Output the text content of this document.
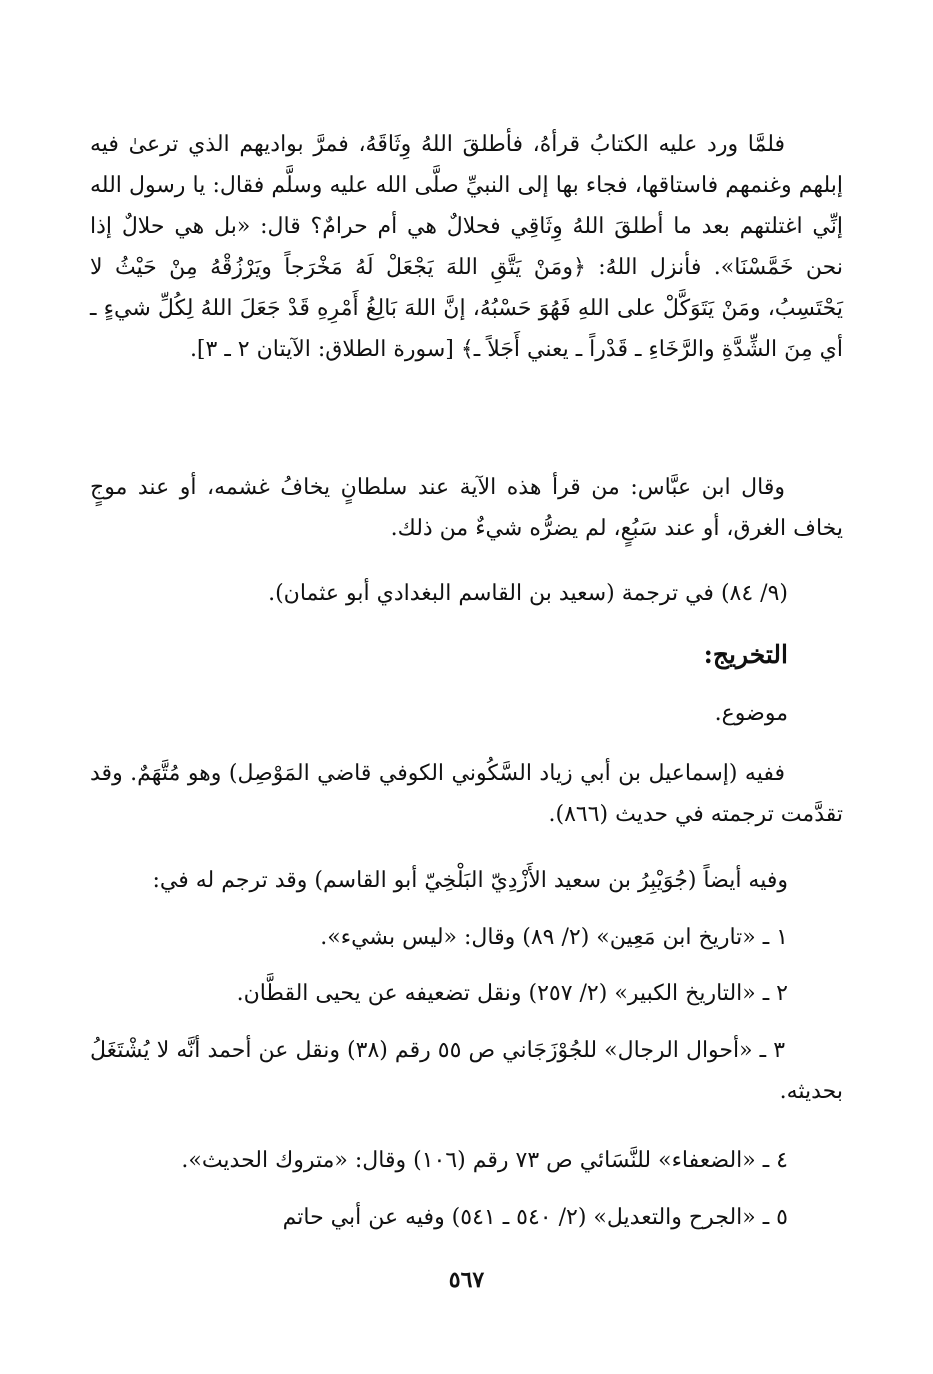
فلمَّا ورد عليه الكتابُ قرأهُ، فأطلقَ اللهُ وِثَاقَهُ، فمرَّ بواديهم الذي ترعىٰ فيه إبلهم وغنمهم فاستاقها، فجاء بها إلى النبيِّ صلَّى الله عليه وسلَّم فقال: يا رسول الله إنِّي اغتلتهم بعد ما أطلقَ اللهُ وِثَاقِي فحلالٌ هي أم حرامٌ؟ قال: «بل هي حلالٌ إذا نحن خَمَّسْنَا». فأنزل اللهُ: ﴿ومَنْ يَتَّقِ اللهَ يَجْعَلْ لَهُ مَخْرَجاً ويَرْزُقْهُ مِنْ حَيْثُ لا يَحْتَسِبُ، ومَنْ يَتَوَكَّلْ على اللهِ فَهُوَ حَسْبُهُ، إنَّ اللهَ بَالِغُ أَمْرِهِ قَدْ جَعَلَ اللهُ لِكُلِّ شيءٍ ـ أي مِنَ الشِّدَّةِ والرَّخَاءِ ـ قَدْراً ـ يعني أَجَلاً ـ﴾ [سورة الطلاق: الآيتان ٢ ـ ٣].

وقال ابن عبَّاس: من قرأ هذه الآية عند سلطانٍ يخافُ غشمه، أو عند موجٍ يخاف الغرق، أو عند سَبُعٍ، لم يضرُّه شيءٌ من ذلك.

(٩/ ٨٤) في ترجمة (سعيد بن القاسم البغدادي أبو عثمان).

التخريج:

موضوع.

ففيه (إسماعيل بن أبي زياد السَّكُوني الكوفي قاضي المَوْصِل) وهو مُتَّهَمٌ. وقد تقدَّمت ترجمته في حديث (٨٦٦).

وفيه أيضاً (جُوَيْبِرُ بن سعيد الأَزْدِيّ البَلْخِيّ أبو القاسم) وقد ترجم له في:

١ ـ «تاريخ ابن مَعِين» (٢/ ٨٩) وقال: «ليس بشيء».

٢ ـ «التاريخ الكبير» (٢/ ٢٥٧) ونقل تضعيفه عن يحيى القطَّان.

٣ ـ «أحوال الرجال» للجُوْزَجَاني ص ٥٥ رقم (٣٨) ونقل عن أحمد أنَّه لا يُشْتَغَلُ بحديثه.

٤ ـ «الضعفاء» للنَّسَائي ص ٧٣ رقم (١٠٦) وقال: «متروك الحديث».

٥ ـ «الجرح والتعديل» (٢/ ٥٤٠ ـ ٥٤١) وفيه عن أبي حاتم

٥٦٧
